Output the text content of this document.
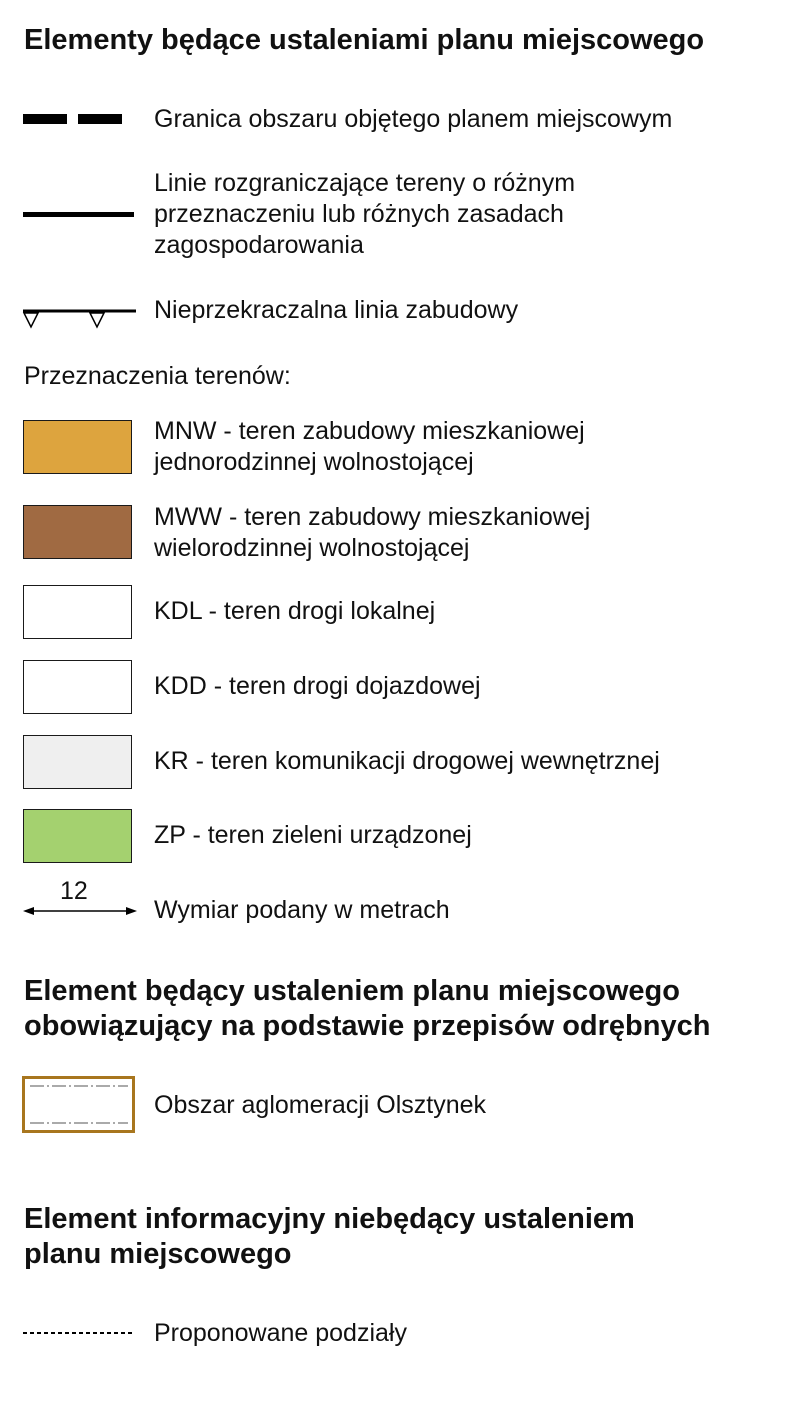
Elementy będące ustaleniami planu miejscowego
Granica obszaru objętego planem miejscowym
Linie rozgraniczające tereny o różnym
przeznaczeniu lub różnych zasadach
zagospodarowania
Nieprzekraczalna linia zabudowy
Przeznaczenia terenów:
MNW - teren zabudowy mieszkaniowej
jednorodzinnej wolnostojącej
MWW - teren zabudowy mieszkaniowej
wielorodzinnej wolnostojącej
KDL - teren drogi lokalnej
KDD - teren drogi dojazdowej
KR - teren komunikacji drogowej wewnętrznej
ZP - teren zieleni urządzonej
12
Wymiar podany w metrach
Element będący ustaleniem planu miejscowego
obowiązujący na podstawie przepisów odrębnych
Obszar aglomeracji Olsztynek
Element informacyjny niebędący ustaleniem
planu miejscowego
Proponowane podziały
